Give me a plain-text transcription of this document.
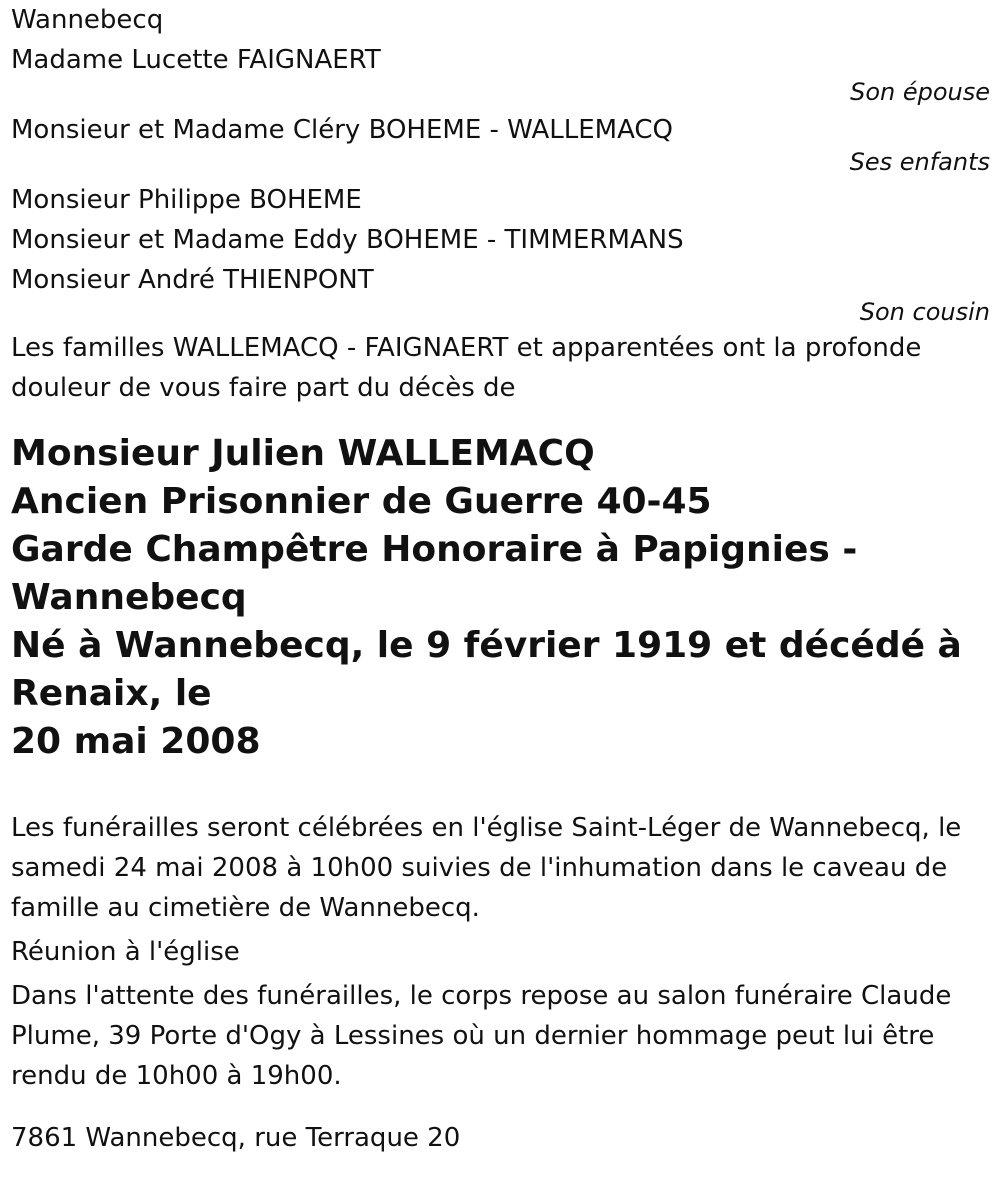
Wannebecq
Madame Lucette FAIGNAERT
Son épouse
Monsieur et Madame Cléry BOHEME - WALLEMACQ
Ses enfants
Monsieur Philippe BOHEME
Monsieur et Madame Eddy BOHEME - TIMMERMANS
Monsieur André THIENPONT
Son cousin
Les familles WALLEMACQ - FAIGNAERT et apparentées ont la profonde douleur de vous faire part du décès de
Monsieur Julien WALLEMACQ
Ancien Prisonnier de Guerre 40-45
Garde Champêtre Honoraire à Papignies - Wannebecq
Né à Wannebecq, le 9 février 1919 et décédé à Renaix, le
20 mai 2008
Les funérailles seront célébrées en l'église Saint-Léger de Wannebecq, le samedi 24 mai 2008 à 10h00 suivies de l'inhumation dans le caveau de famille au cimetière de Wannebecq.
Réunion à l'église
Dans l'attente des funérailles, le corps repose au salon funéraire Claude Plume, 39 Porte d'Ogy à Lessines où un dernier hommage peut lui être rendu de 10h00 à 19h00.
7861 Wannebecq, rue Terraque 20
